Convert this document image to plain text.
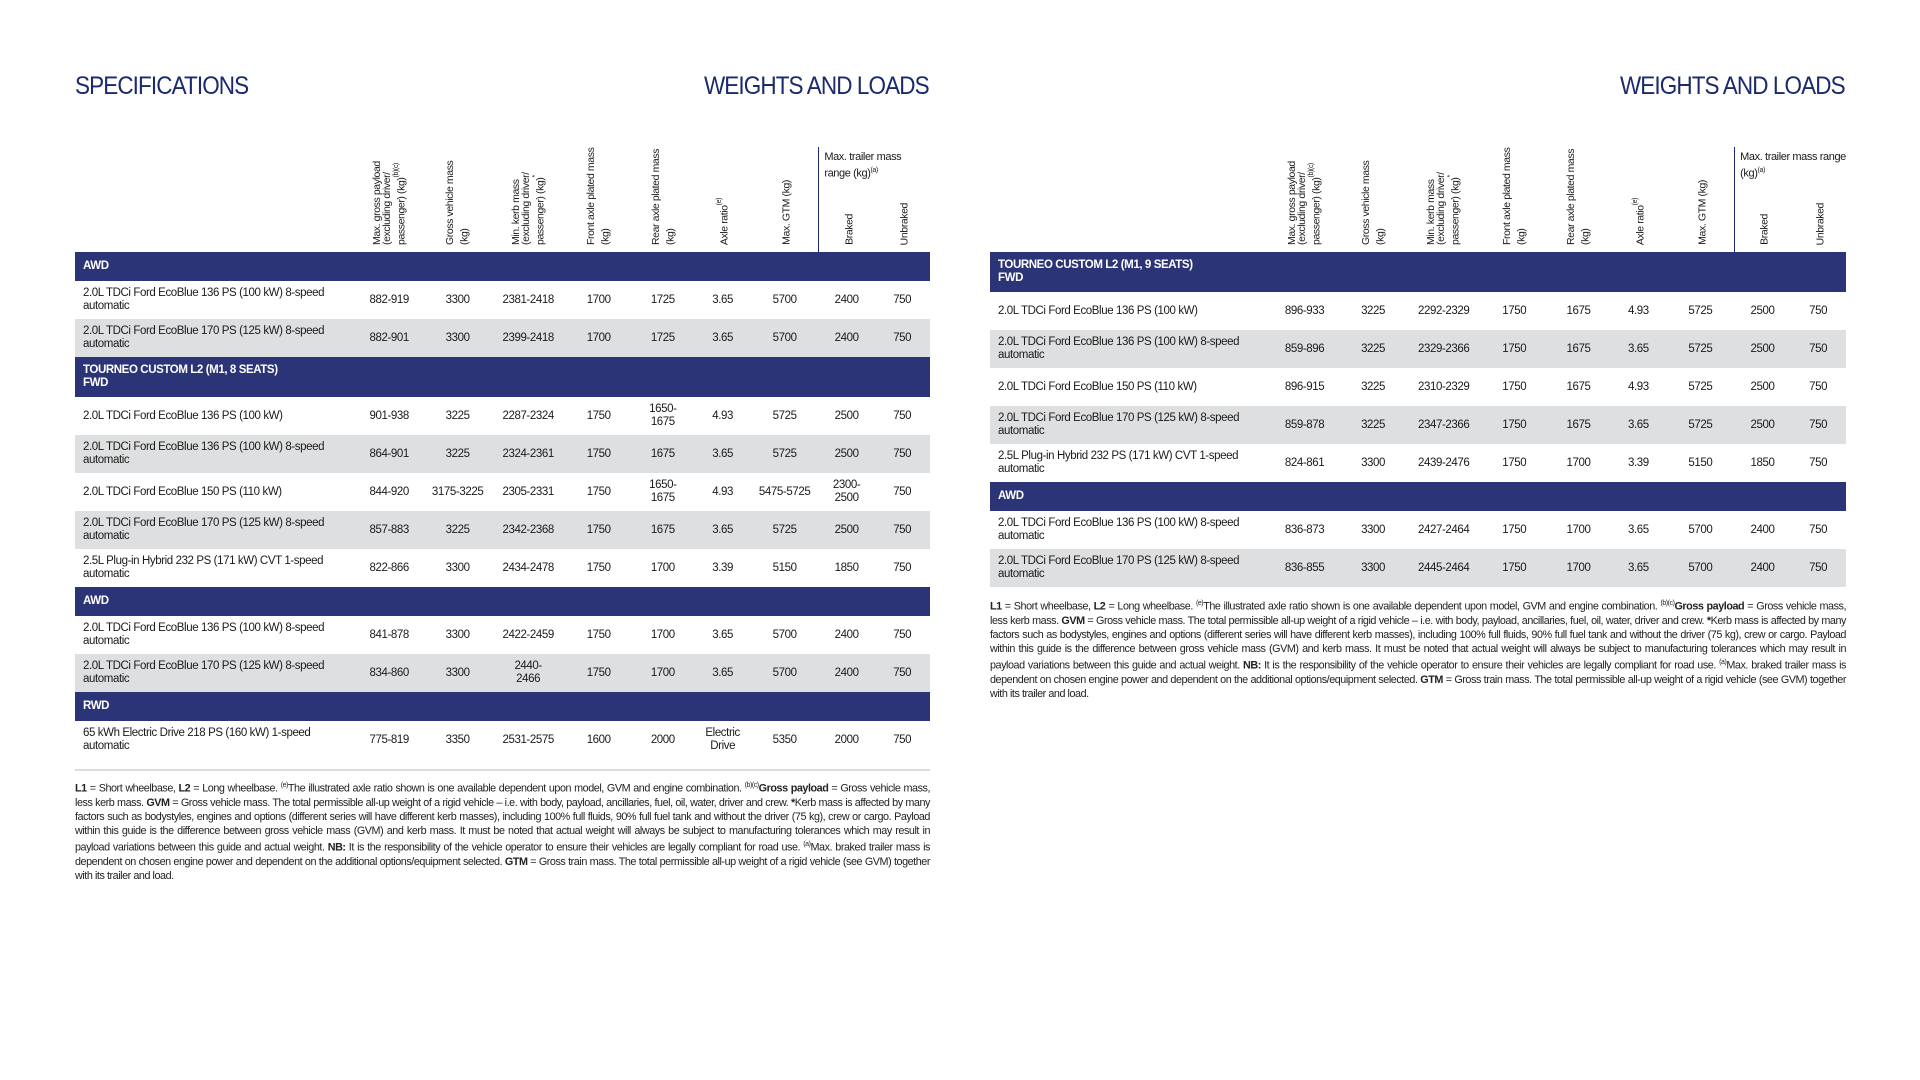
SPECIFICATIONS	WEIGHTS AND LOADS	WEIGHTS AND LOADS
	Max. gross payload (excluding driver/ passenger) (kg)$^{(b)(c)}$	Gross vehicle mass (kg)	Min. kerb mass (excluding driver/ passenger) (kg)*	Front axle plated mass (kg)	Rear axle plated mass (kg)	Axle ratio$^{(e)}$	Max. GTM (kg)	Max. trailer mass range (kg)$^{(a)}$
								Braked	Unbraked
AWD									
2.0L TDCi Ford EcoBlue 136 PS (100 kW) 8-speed automatic	882-919	3300	2381-2418	1700	1725	3.65	5700	2400	750
2.0L TDCi Ford EcoBlue 170 PS (125 kW) 8-speed automatic	882-901	3300	2399-2418	1700	1725	3.65	5700	2400	750
TOURNEO CUSTOM L2 (M1, 8 SEATS)
FWD									
2.0L TDCi Ford EcoBlue 136 PS (100 kW)	901-938	3225	2287-2324	1750	1650-
1675	4.93	5725	2500	750
2.0L TDCi Ford EcoBlue 136 PS (100 kW) 8-speed automatic	864-901	3225	2324-2361	1750	1675	3.65	5725	2500	750
2.0L TDCi Ford EcoBlue 150 PS (110 kW)	844-920	3175-3225	2305-2331	1750	1650-
1675	4.93	5475-5725	2300-
2500	750
2.0L TDCi Ford EcoBlue 170 PS (125 kW) 8-speed automatic	857-883	3225	2342-2368	1750	1675	3.65	5725	2500	750
2.5L Plug-in Hybrid 232 PS (171 kW) CVT 1-speed automatic	822-866	3300	2434-2478	1750	1700	3.39	5150	1850	750
AWD									
2.0L TDCi Ford EcoBlue 136 PS (100 kW) 8-speed automatic	841-878	3300	2422-2459	1750	1700	3.65	5700	2400	750
2.0L TDCi Ford EcoBlue 170 PS (125 kW) 8-speed automatic	834-860	3300	2440-
2466	1750	1700	3.65	5700	2400	750
RWD									
65 kWh Electric Drive 218 PS (160 kW) 1-speed automatic	775-819	3350	2531-2575	1600	2000	Electric
Drive	5350	2000	750
L1 = Short wheelbase, L2 = Long wheelbase. $^{(e)}$The illustrated axle ratio shown is one available dependent upon model, GVM and engine combination. $^{(b)(c)}$Gross payload = Gross vehicle mass, less kerb mass. GVM = Gross vehicle mass. The total permissible all-up weight of a rigid vehicle – i.e. with body, payload, ancillaries, fuel, oil, water, driver and crew. *Kerb mass is affected by many factors such as bodystyles, engines and options (different series will have different kerb masses), including 100% full fluids, 90% full fuel tank and without the driver (75 kg), crew or cargo. Payload within this guide is the difference between gross vehicle mass (GVM) and kerb mass. It must be noted that actual weight will always be subject to manufacturing tolerances which may result in payload variations between this guide and actual weight. NB: It is the responsibility of the vehicle operator to ensure their vehicles are legally compliant for road use. $^{(a)}$Max. braked trailer mass is dependent on chosen engine power and dependent on the additional options/equipment selected. GTM = Gross train mass. The total permissible all-up weight of a rigid vehicle (see GVM) together with its trailer and load.
	Max. gross payload (excluding driver/ passenger) (kg)$^{(b)(c)}$	Gross vehicle mass (kg)	Min. kerb mass (excluding driver/ passenger) (kg)*	Front axle plated mass (kg)	Rear axle plated mass (kg)	Axle ratio$^{(e)}$	Max. GTM (kg)	Max. trailer mass range (kg)$^{(a)}$
								Braked	Unbraked
TOURNEO CUSTOM L2 (M1, 9 SEATS)
FWD									
2.0L TDCi Ford EcoBlue 136 PS (100 kW)	896-933	3225	2292-2329	1750	1675	4.93	5725	2500	750
2.0L TDCi Ford EcoBlue 136 PS (100 kW) 8-speed automatic	859-896	3225	2329-2366	1750	1675	3.65	5725	2500	750
2.0L TDCi Ford EcoBlue 150 PS (110 kW)	896-915	3225	2310-2329	1750	1675	4.93	5725	2500	750
2.0L TDCi Ford EcoBlue 170 PS (125 kW) 8-speed automatic	859-878	3225	2347-2366	1750	1675	3.65	5725	2500	750
2.5L Plug-in Hybrid 232 PS (171 kW) CVT 1-speed automatic	824-861	3300	2439-2476	1750	1700	3.39	5150	1850	750
AWD									
2.0L TDCi Ford EcoBlue 136 PS (100 kW) 8-speed automatic	836-873	3300	2427-2464	1750	1700	3.65	5700	2400	750
2.0L TDCi Ford EcoBlue 170 PS (125 kW) 8-speed automatic	836-855	3300	2445-2464	1750	1700	3.65	5700	2400	750
L1 = Short wheelbase, L2 = Long wheelbase. $^{(e)}$The illustrated axle ratio shown is one available dependent upon model, GVM and engine combination. $^{(b)(c)}$Gross payload = Gross vehicle mass, less kerb mass. GVM = Gross vehicle mass. The total permissible all-up weight of a rigid vehicle – i.e. with body, payload, ancillaries, fuel, oil, water, driver and crew. *Kerb mass is affected by many factors such as bodystyles, engines and options (different series will have different kerb masses), including 100% full fluids, 90% full fuel tank and without the driver (75 kg), crew or cargo. Payload within this guide is the difference between gross vehicle mass (GVM) and kerb mass. It must be noted that actual weight will always be subject to manufacturing tolerances which may result in payload variations between this guide and actual weight. NB: It is the responsibility of the vehicle operator to ensure their vehicles are legally compliant for road use. $^{(a)}$Max. braked trailer mass is dependent on chosen engine power and dependent on the additional options/equipment selected. GTM = Gross train mass. The total permissible all-up weight of a rigid vehicle (see GVM) together with its trailer and load.
